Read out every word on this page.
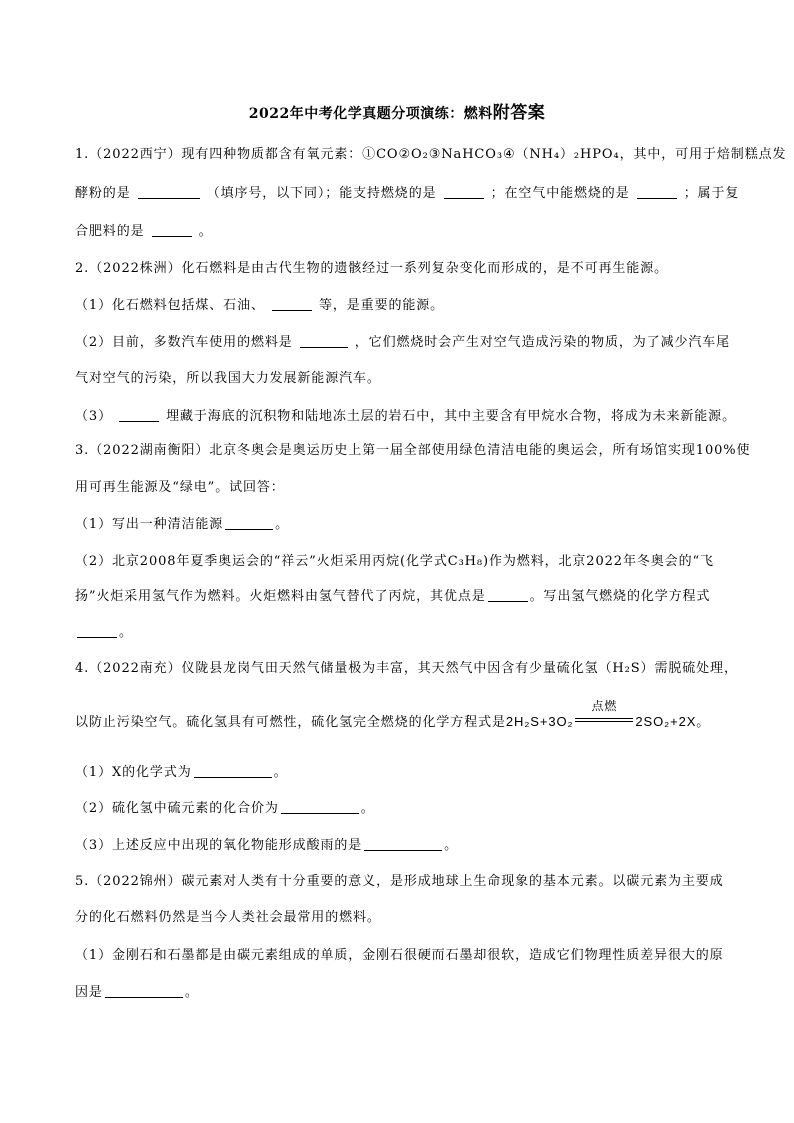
2022年中考化学真题分项演练：燃料附答案
1.（2022西宁）现有四种物质都含有氧元素：①CO②O₂③NaHCO₃④（NH₄）₂HPO₄，其中，可用于焙制糕点发
酵粉的是	（填序号，以下同）；能支持燃烧的是	；在空气中能燃烧的是	；属于复
合肥料的是	。
2.（2022株洲）化石燃料是由古代生物的遗骸经过一系列复杂变化而形成的，是不可再生能源。
（1）化石燃料包括煤、石油、	等，是重要的能源。
（2）目前，多数汽车使用的燃料是	，它们燃烧时会产生对空气造成污染的物质，为了减少汽车尾
气对空气的污染，所以我国大力发展新能源汽车。
（3）	埋藏于海底的沉积物和陆地冻土层的岩石中，其中主要含有甲烷水合物，将成为未来新能源。
3.（2022湖南衡阳）北京冬奥会是奥运历史上第一届全部使用绿色清洁电能的奥运会，所有场馆实现100%使
用可再生能源及“绿电”。试回答：
（1）写出一种清洁能源	。
（2）北京2008年夏季奥运会的“祥云”火炬采用丙烷(化学式C₃H₈)作为燃料，北京2022年冬奥会的“飞
扬”火炬采用氢气作为燃料。火炬燃料由氢气替代了丙烷，其优点是	。写出氢气燃烧的化学方程式
。
4.（2022南充）仪陇县龙岗气田天然气储量极为丰富，其天然气中因含有少量硫化氢（H₂S）需脱硫处理，
以防止污染空气。硫化氢具有可燃性，硫化氢完全燃烧的化学方程式是2H₂S+3O₂
点燃
2SO₂+2X。
（1）X的化学式为	。
（2）硫化氢中硫元素的化合价为	。
（3）上述反应中出现的氧化物能形成酸雨的是	。
5.（2022锦州）碳元素对人类有十分重要的意义，是形成地球上生命现象的基本元素。以碳元素为主要成
分的化石燃料仍然是当今人类社会最常用的燃料。
（1）金刚石和石墨都是由碳元素组成的单质，金刚石很硬而石墨却很软，造成它们物理性质差异很大的原
因是	。
